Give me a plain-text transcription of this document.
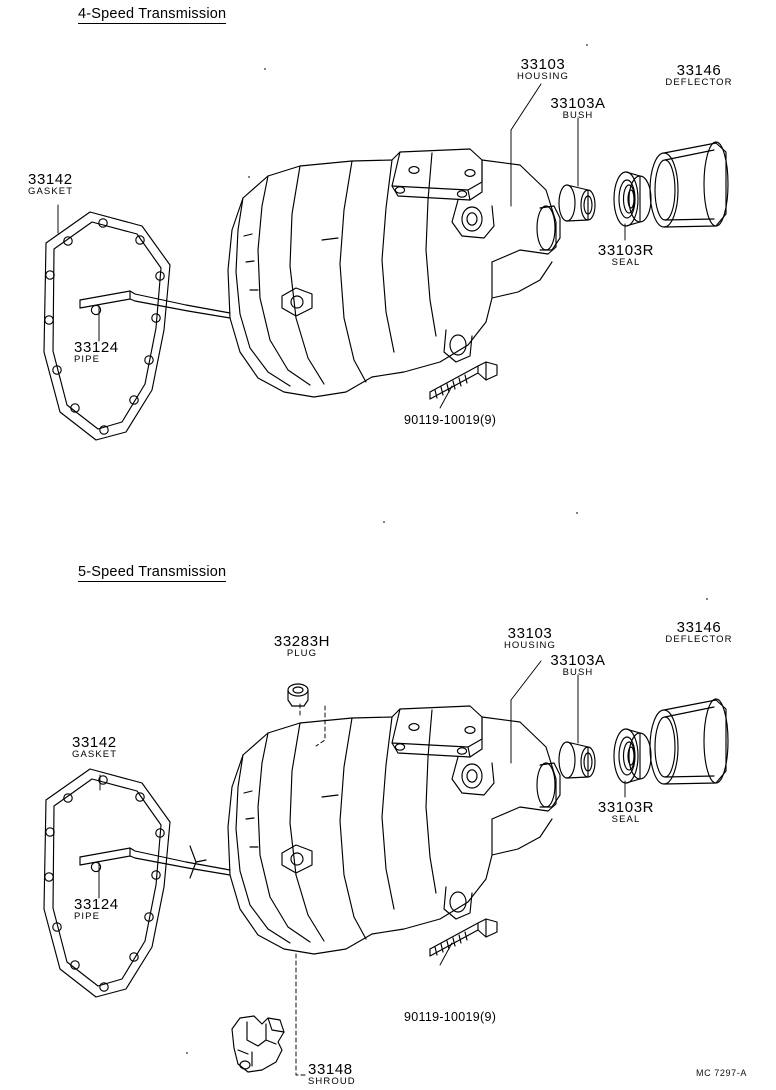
4-Speed Transmission
33103
HOUSING
33103A
BUSH
33146
DEFLECTOR
33103R
SEAL
33142
GASKET
33124
PIPE
90119-10019(9)
5-Speed Transmission
33283H
PLUG
33103
HOUSING
33103A
BUSH
33146
DEFLECTOR
33103R
SEAL
33142
GASKET
33124
PIPE
33148
SHROUD
90119-10019(9)
MC 7297-A
